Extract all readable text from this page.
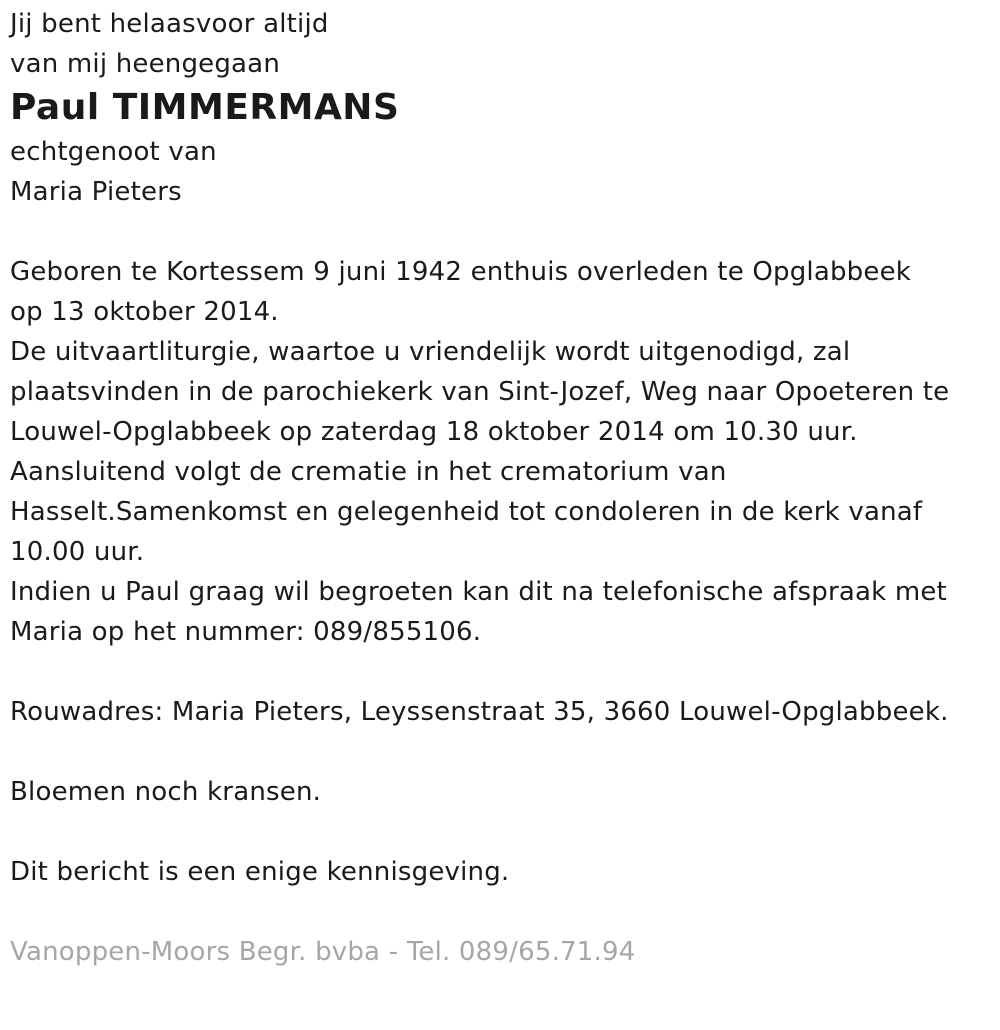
Jij bent helaasvoor altijd
van mij heengegaan
Paul TIMMERMANS
echtgenoot van
Maria Pieters
Geboren te Kortessem 9 juni 1942 enthuis overleden te Opglabbeek
op 13 oktober 2014.
De uitvaartliturgie, waartoe u vriendelijk wordt uitgenodigd, zal
plaatsvinden in de parochiekerk van Sint-Jozef, Weg naar Opoeteren te
Louwel-Opglabbeek op zaterdag 18 oktober 2014 om 10.30 uur.
Aansluitend volgt de crematie in het crematorium van
Hasselt.Samenkomst en gelegenheid tot condoleren in de kerk vanaf
10.00 uur.
Indien u Paul graag wil begroeten kan dit na telefonische afspraak met
Maria op het nummer: 089/855106.
Rouwadres: Maria Pieters, Leyssenstraat 35, 3660 Louwel-Opglabbeek.
Bloemen noch kransen.
Dit bericht is een enige kennisgeving.
Vanoppen-Moors Begr. bvba - Tel. 089/65.71.94
